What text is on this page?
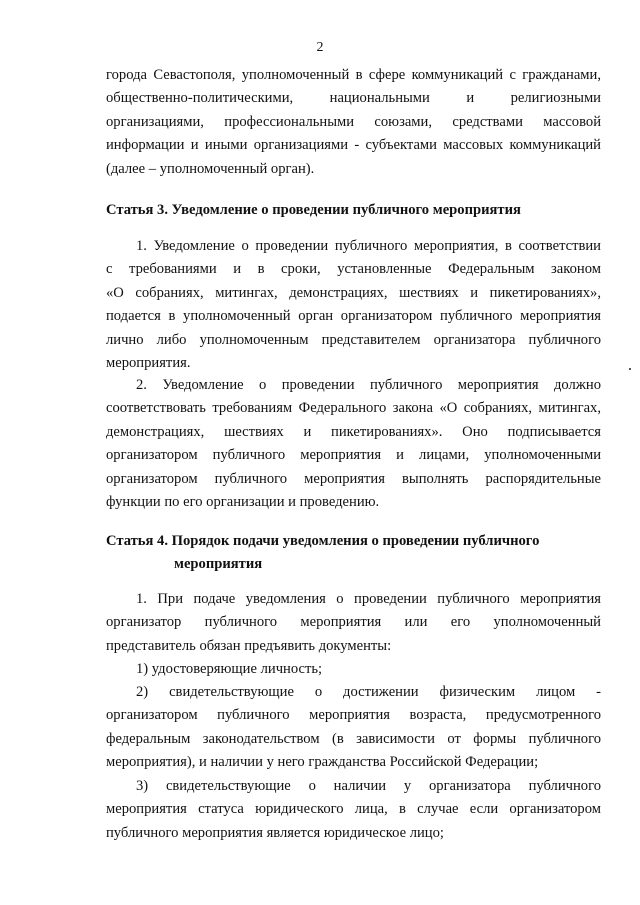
2
города Севастополя, уполномоченный в сфере коммуникаций с гражданами,
общественно-политическими, национальными и религиозными
организациями, профессиональными союзами, средствами массовой
информации и иными организациями - субъектами массовых коммуникаций
(далее – уполномоченный орган).
Статья 3. Уведомление о проведении публичного мероприятия
1. Уведомление о проведении публичного мероприятия, в соответствии
с требованиями и в сроки, установленные Федеральным законом
«О собраниях, митингах, демонстрациях, шествиях и пикетированиях»,
подается в уполномоченный орган организатором публичного мероприятия
лично либо уполномоченным представителем организатора публичного
мероприятия.
2. Уведомление о проведении публичного мероприятия должно
соответствовать требованиям Федерального закона «О собраниях, митингах,
демонстрациях, шествиях и пикетированиях». Оно подписывается
организатором публичного мероприятия и лицами, уполномоченными
организатором публичного мероприятия выполнять распорядительные
функции по его организации и проведению.
Статья 4. Порядок подачи уведомления о проведении публичного
мероприятия
1. При подаче уведомления о проведении публичного мероприятия
организатор публичного мероприятия или его уполномоченный
представитель обязан предъявить документы:
1) удостоверяющие личность;
2) свидетельствующие о достижении физическим лицом -
организатором публичного мероприятия возраста, предусмотренного
федеральным законодательством (в зависимости от формы публичного
мероприятия), и наличии у него гражданства Российской Федерации;
3) свидетельствующие о наличии у организатора публичного
мероприятия статуса юридического лица, в случае если организатором
публичного мероприятия является юридическое лицо;
